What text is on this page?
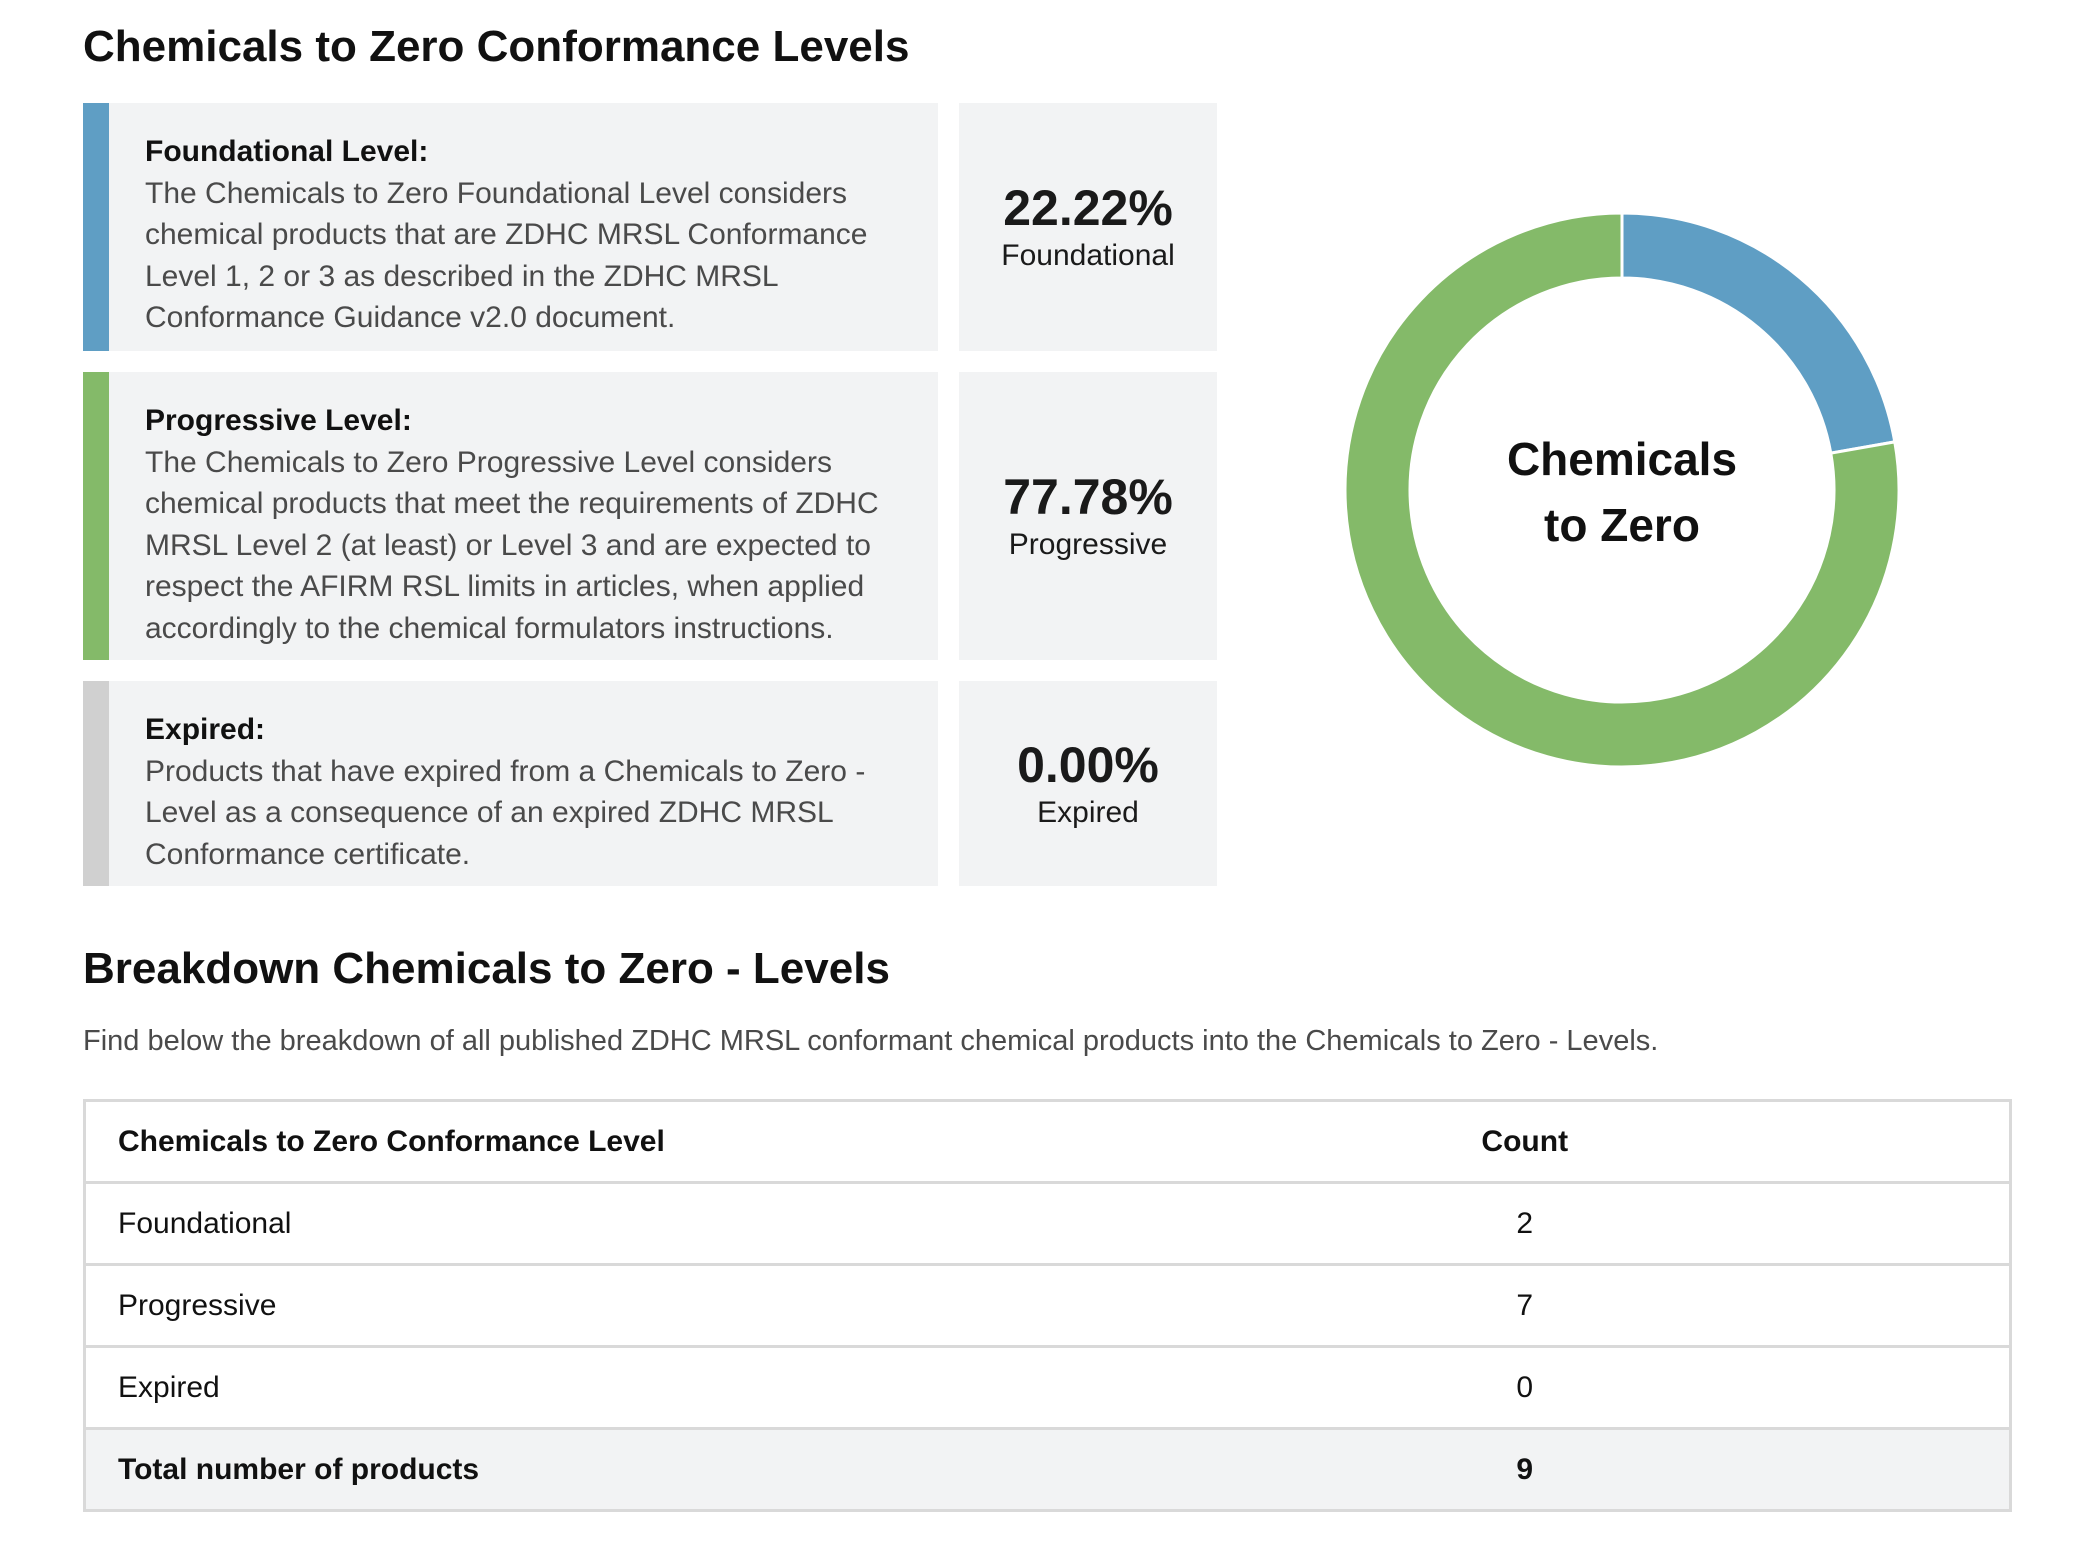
Chemicals to Zero Conformance Levels
Foundational Level:
The Chemicals to Zero Foundational Level considers chemical products that are ZDHC MRSL Conformance Level 1, 2 or 3 as described in the ZDHC MRSL Conformance Guidance v2.0 document.
22.22%
Foundational
Progressive Level:
The Chemicals to Zero Progressive Level considers chemical products that meet the requirements of ZDHC MRSL Level 2 (at least) or Level 3 and are expected to respect the AFIRM RSL limits in articles, when applied accordingly to the chemical formulators instructions.
77.78%
Progressive
Expired:
Products that have expired from a Chemicals to Zero - Level as a consequence of an expired ZDHC MRSL Conformance certificate.
0.00%
Expired
Chemicals
to Zero
Breakdown Chemicals to Zero - Levels
Find below the breakdown of all published ZDHC MRSL conformant chemical products into the Chemicals to Zero - Levels.
Chemicals to Zero Conformance Level	Count
Foundational	2
Progressive	7
Expired	0
Total number of products	9
